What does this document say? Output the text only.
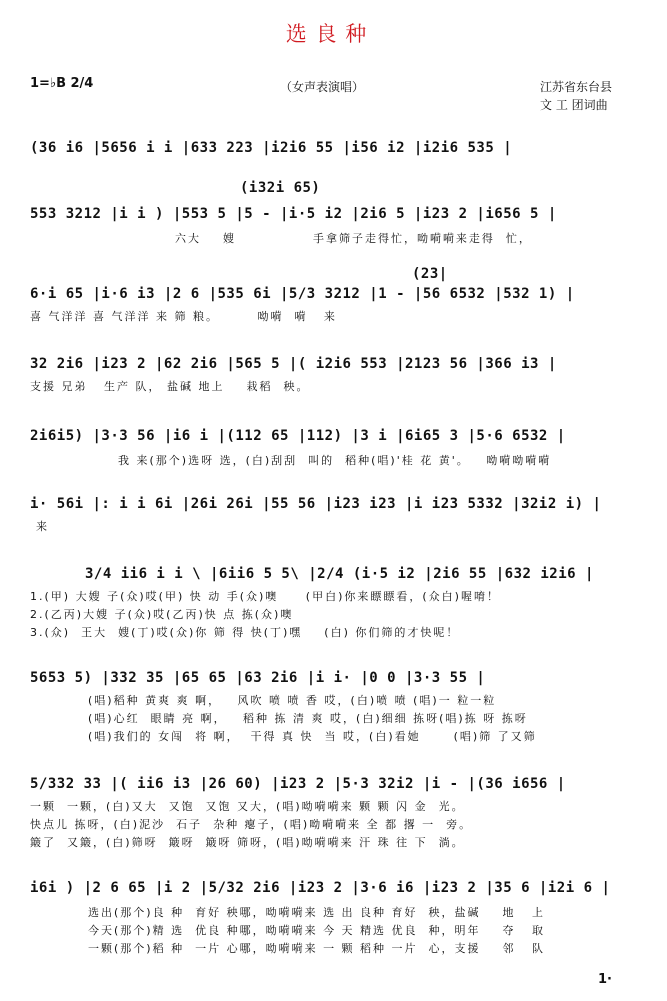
选良种
1=♭B 2/4	（女声表演唱）	江苏省东台县
文 工 团词曲
(36 i6 |5656 i i |633 223 |i2i6 55 |i56 i2 |i2i6 535 |
(i32i 65)
553 3212 |i i ) |553 5 |5 - |i·5 i2 |2i6 5 |i23 2 |i656 5 |
六大    嫂              手拿筛子走得忙，呦嗬嗬来走得  忙，
(23|
6·i 65 |i·6 i3 |2 6 |535 6i |5/3 3212 |1 - |56 6532 |532 1) |
喜 气洋洋 喜 气洋洋 来 筛 粮。       呦嗬  嗬   来
32 2i6 |i23 2 |62 2i6 |565 5 |( i2i6 553 |2123 56 |366 i3 |
支援 兄弟   生产 队， 盐碱 地上    栽稻  秧。
2i6i5) |3·3 56 |i6 i |(112 65 |112) |3 i |6i65 3 |5·6 6532 |
我 来(那个)选呀 选，(白)刮刮  叫的  稻种(唱)'桂 花 黄'。   呦嗬呦嗬嗬
i· 56i |: i i 6i |26i 26i |55 56 |i23 i23 |i i23 5332 |32i2 i) |
来
3/4 ii6 i i \ |6ii6 5 5\ |2/4 (i·5 i2 |2i6 55 |632 i2i6 |
1.(甲) 大嫂 子(众)哎(甲) 快 动 手(众)噢     (甲白)你来瞟瞟看，(众白)喔唷！
2.(乙丙)大嫂 子(众)哎(乙丙)快 点 拣(众)噢
3.(众)  王大  嫂(丁)哎(众)你 筛 得 快(丁)嘿    (白) 你们筛的才快呢！
5653 5) |332 35 |65 65 |63 2i6 |i i· |0 0 |3·3 55 |
(唱)稻种 黄爽 爽 啊，   风吹 喷 喷 香 哎，(白)喷 喷 (唱)一 粒一粒
(唱)心红  眼睛 亮 啊，   稻种 拣 清 爽 哎，(白)细细 拣呀(唱)拣 呀 拣呀
(唱)我们的 女闯  将 啊，  干得 真 快  当 哎，(白)看她      (唱)筛 了又筛
5/332 33 |( ii6 i3 |26 60) |i23 2 |5·3 32i2 |i - |(36 i656 |
一颗  一颗，(白)又大  又饱  又饱 又大，(唱)呦嗬嗬来 颗 颗 闪 金  光。
快点儿 拣呀，(白)泥沙  石子  杂种 瘪子，(唱)呦嗬嗬来 全 都 撂 一  旁。
簸了  又簸，(白)筛呀  簸呀  簸呀 筛呀，(唱)呦嗬嗬来 汗 珠 往 下  淌。
i6i ) |2 6 65 |i 2 |5/32 2i6 |i23 2 |3·6 i6 |i23 2 |35 6 |i2i 6 |
选出(那个)良 种  育好 秧哪，呦嗬嗬来 选 出 良种 育好  秧，盐碱    地   上
今天(那个)精 选  优良 种哪，呦嗬嗬来 今 天 精选 优良  种，明年    夺   取
一颗(那个)稻 种  一片 心哪，呦嗬嗬来 一 颗 稻种 一片  心，支援    邻   队
1·
